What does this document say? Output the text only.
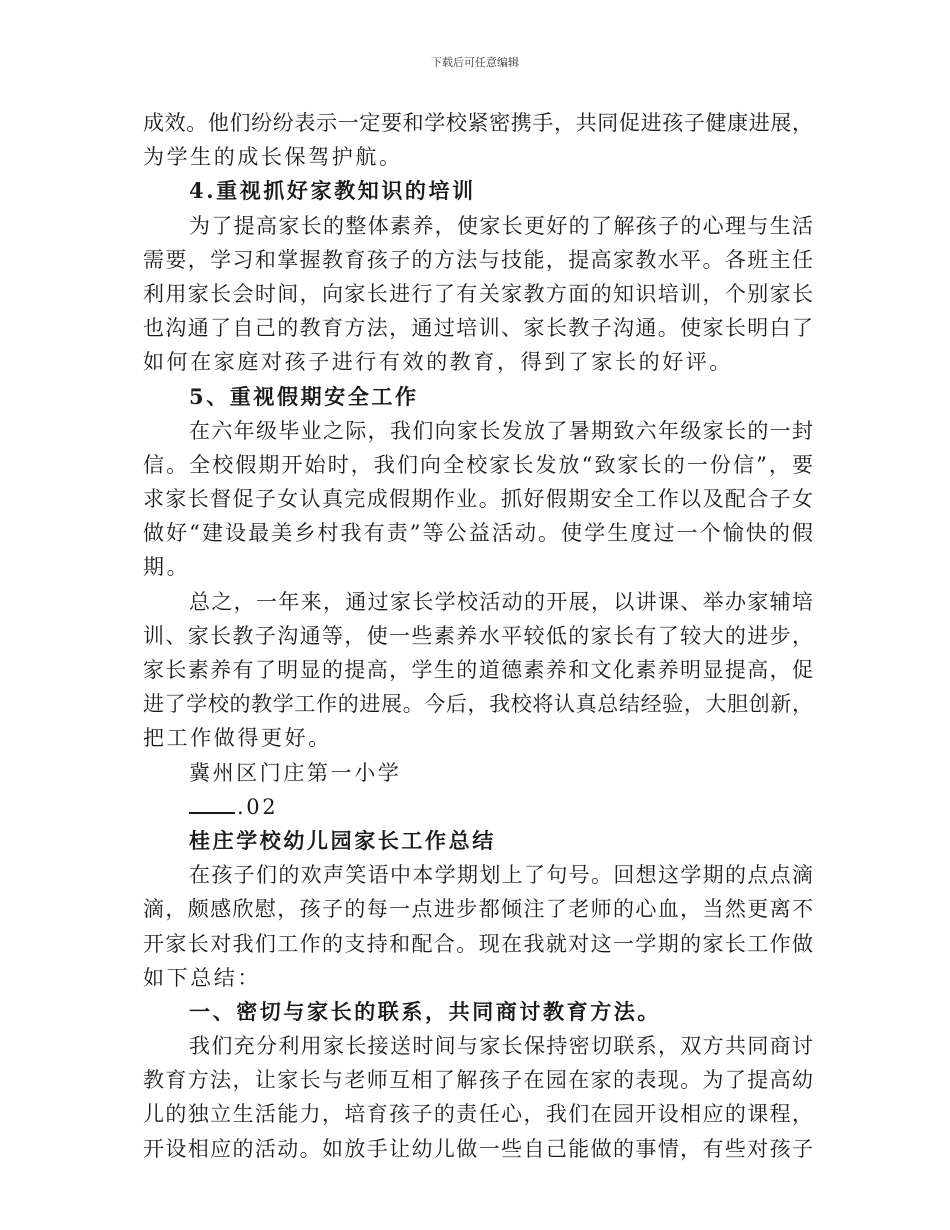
下载后可任意编辑
成效。他们纷纷表示一定要和学校紧密携手，共同促进孩子健康进展，
为学生的成长保驾护航。
4.重视抓好家教知识的培训
为了提高家长的整体素养，使家长更好的了解孩子的心理与生活
需要，学习和掌握教育孩子的方法与技能，提高家教水平。各班主任
利用家长会时间，向家长进行了有关家教方面的知识培训，个别家长
也沟通了自己的教育方法，通过培训、家长教子沟通。使家长明白了
如何在家庭对孩子进行有效的教育，得到了家长的好评。
5、重视假期安全工作
在六年级毕业之际，我们向家长发放了暑期致六年级家长的一封
信。全校假期开始时，我们向全校家长发放“致家长的一份信”，要
求家长督促子女认真完成假期作业。抓好假期安全工作以及配合子女
做好“建设最美乡村我有责”等公益活动。使学生度过一个愉快的假
期。
总之，一年来，通过家长学校活动的开展，以讲课、举办家辅培
训、家长教子沟通等，使一些素养水平较低的家长有了较大的进步，
家长素养有了明显的提高，学生的道德素养和文化素养明显提高，促
进了学校的教学工作的进展。今后，我校将认真总结经验，大胆创新，
把工作做得更好。
冀州区门庄第一小学
.02
桂庄学校幼儿园家长工作总结
在孩子们的欢声笑语中本学期划上了句号。回想这学期的点点滴
滴，颇感欣慰，孩子的每一点进步都倾注了老师的心血，当然更离不
开家长对我们工作的支持和配合。现在我就对这一学期的家长工作做
如下总结：
一、密切与家长的联系，共同商讨教育方法。
我们充分利用家长接送时间与家长保持密切联系，双方共同商讨
教育方法，让家长与老师互相了解孩子在园在家的表现。为了提高幼
儿的独立生活能力，培育孩子的责任心，我们在园开设相应的课程，
开设相应的活动。如放手让幼儿做一些自己能做的事情，有些对孩子
